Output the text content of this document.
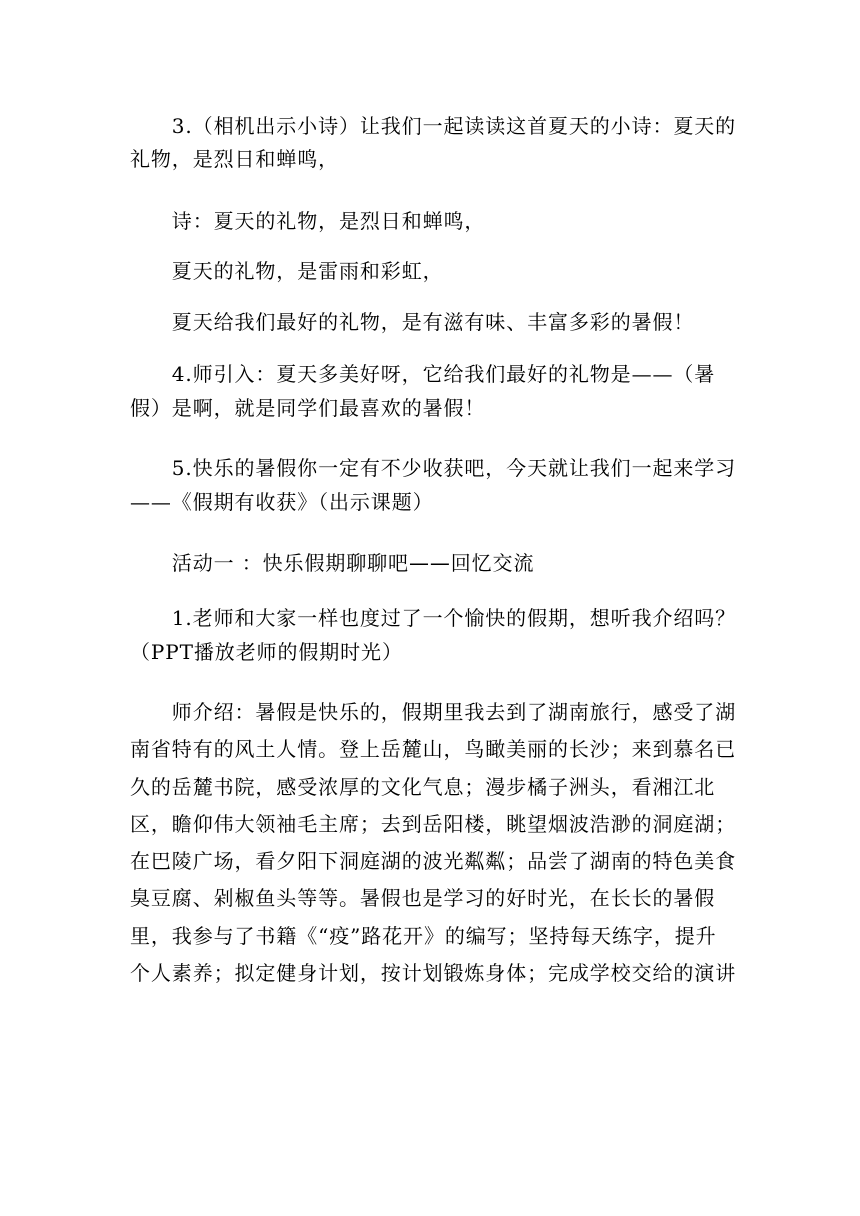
　　3.（相机出示小诗）让我们一起读读这首夏天的小诗：夏天的
礼物，是烈日和蝉鸣，
　　诗：夏天的礼物，是烈日和蝉鸣，
　　夏天的礼物，是雷雨和彩虹，
　　夏天给我们最好的礼物，是有滋有味、丰富多彩的暑假！
　　4.师引入：夏天多美好呀，它给我们最好的礼物是——（暑
假）是啊，就是同学们最喜欢的暑假！
　　5.快乐的暑假你一定有不少收获吧，今天就让我们一起来学习
——《假期有收获》（出示课题）
　　活动一 ：快乐假期聊聊吧——回忆交流
　　1.老师和大家一样也度过了一个愉快的假期，想听我介绍吗？
（PPT播放老师的假期时光）
　　师介绍：暑假是快乐的，假期里我去到了湖南旅行，感受了湖
南省特有的风土人情。登上岳麓山，鸟瞰美丽的长沙；来到慕名已
久的岳麓书院，感受浓厚的文化气息；漫步橘子洲头，看湘江北
区，瞻仰伟大领袖毛主席；去到岳阳楼，眺望烟波浩渺的洞庭湖；
在巴陵广场，看夕阳下洞庭湖的波光粼粼；品尝了湖南的特色美食
臭豆腐、剁椒鱼头等等。暑假也是学习的好时光，在长长的暑假
里，我参与了书籍《“疫”路花开》的编写；坚持每天练字，提升
个人素养；拟定健身计划，按计划锻炼身体；完成学校交给的演讲
